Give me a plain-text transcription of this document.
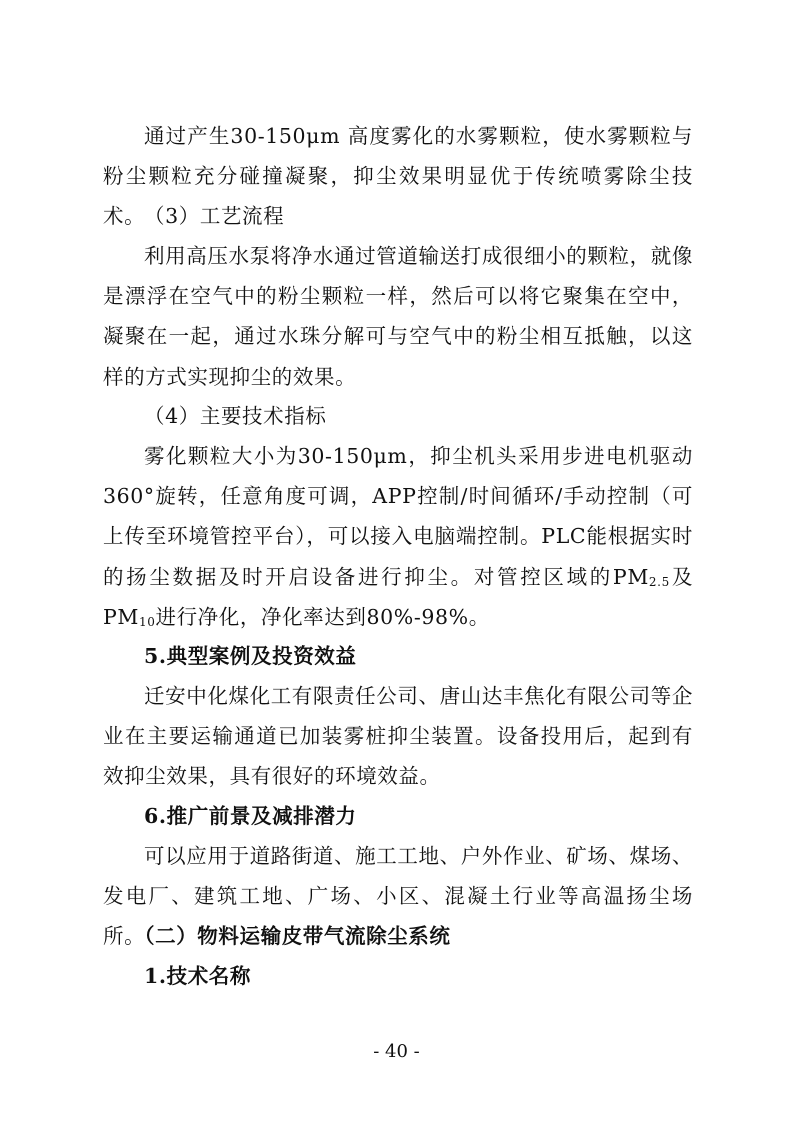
通过产生30-150μm 高度雾化的水雾颗粒，使水雾颗粒与粉尘颗粒充分碰撞凝聚，抑尘效果明显优于传统喷雾除尘技术。

（3）工艺流程

利用高压水泵将净水通过管道输送打成很细小的颗粒，就像是漂浮在空气中的粉尘颗粒一样，然后可以将它聚集在空中，凝聚在一起，通过水珠分解可与空气中的粉尘相互抵触，以这样的方式实现抑尘的效果。

（4）主要技术指标

雾化颗粒大小为30-150μm，抑尘机头采用步进电机驱动360°旋转，任意角度可调，APP控制/时间循环/手动控制（可上传至环境管控平台），可以接入电脑端控制。PLC能根据实时的扬尘数据及时开启设备进行抑尘。对管控区域的$PM_{2.5}$及$PM_{10}$进行净化，净化率达到80%-98%。

5.典型案例及投资效益

迁安中化煤化工有限责任公司、唐山达丰焦化有限公司等企业在主要运输通道已加装雾桩抑尘装置。设备投用后，起到有效抑尘效果，具有很好的环境效益。

6.推广前景及减排潜力

可以应用于道路街道、施工工地、户外作业、矿场、煤场、发电厂、建筑工地、广场、小区、混凝土行业等高温扬尘场所。

（二）物料运输皮带气流除尘系统

1.技术名称

- 40 -
